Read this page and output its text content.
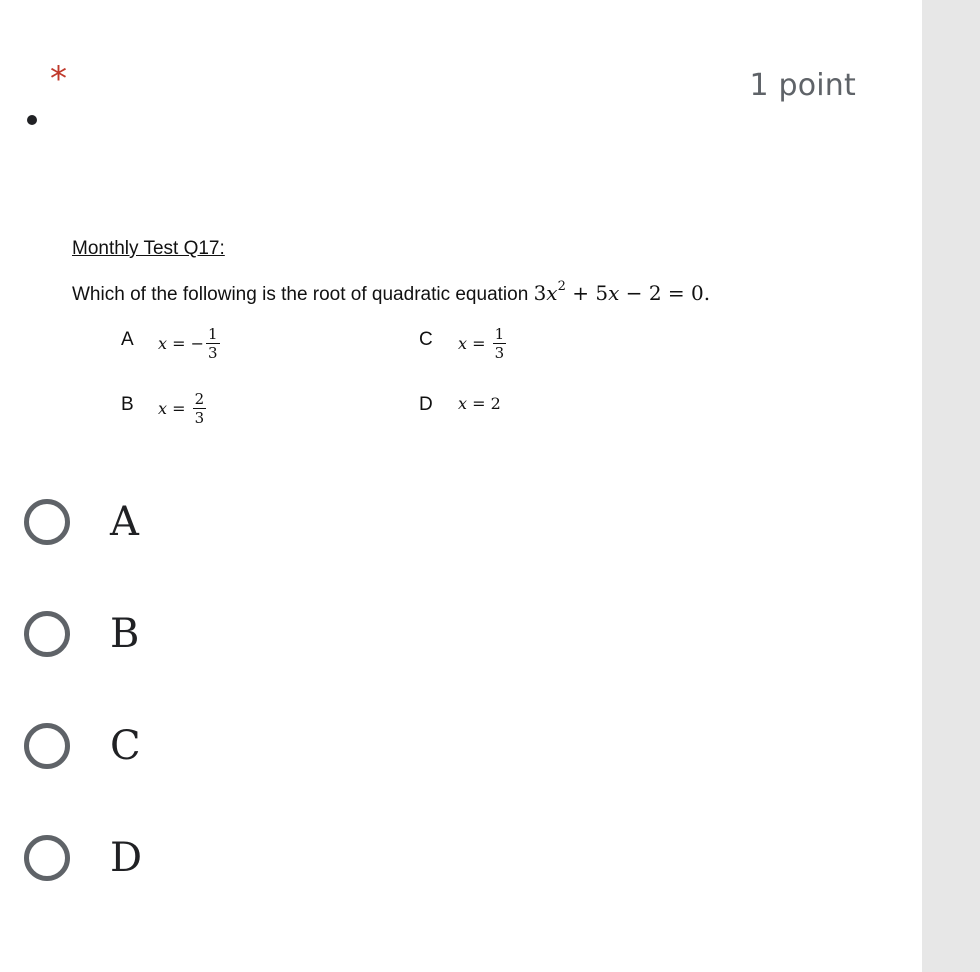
*	1 point
Monthly Test Q17:
Which of the following is the root of quadratic equation $3x^2 + 5x - 2 = 0$.
A x = − $\frac{1}{3}$	C $x = \frac{1}{3}$
B $x = \frac{2}{3}$	D x = 2
A
B
C
D
